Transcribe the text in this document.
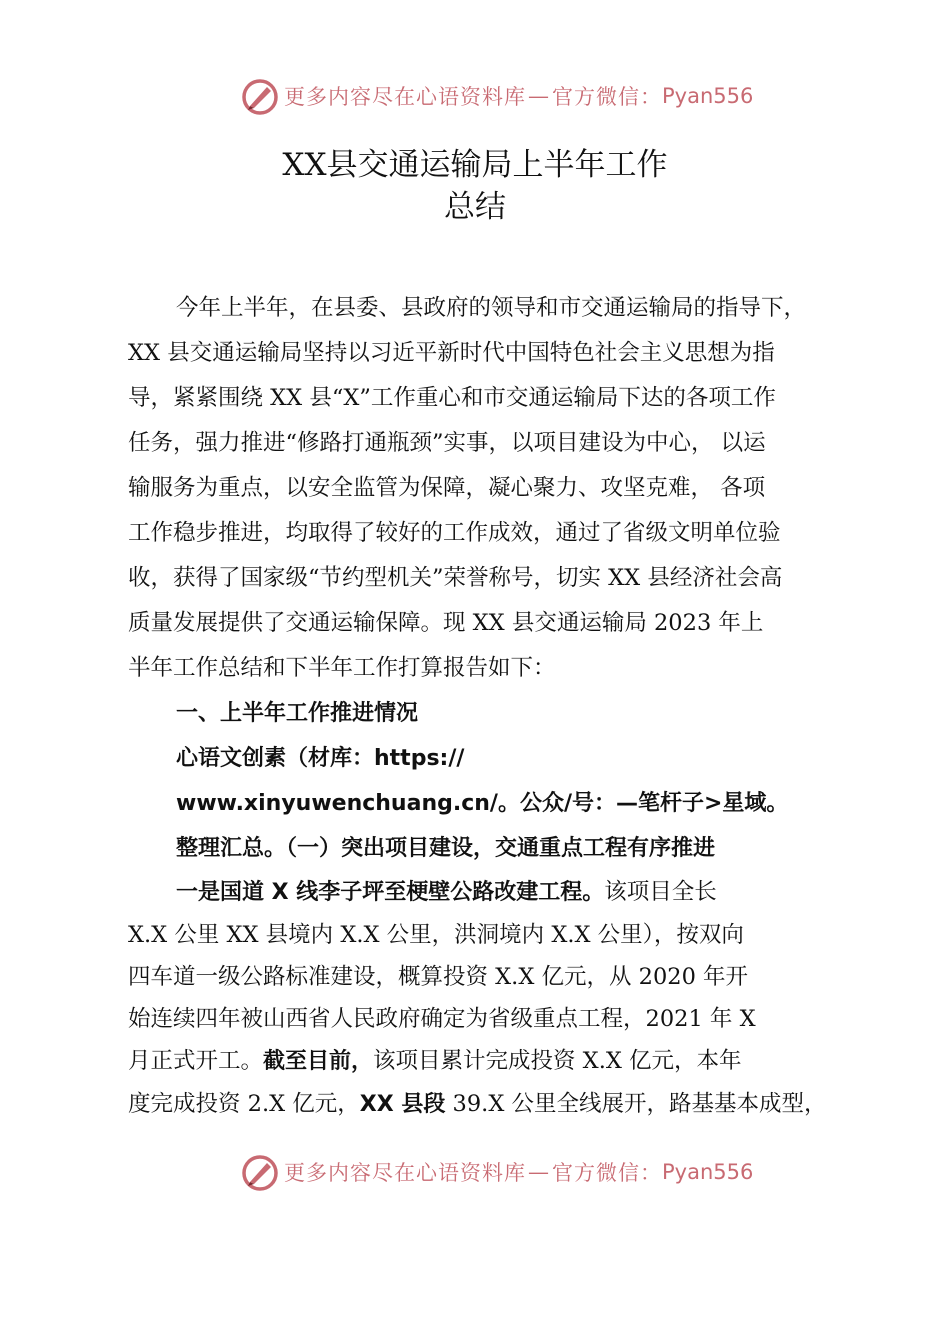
更多内容尽在心语资料库 — 官方微信： Pyan556
XX县交通运输局上半年工作
总结
今年上半年，在县委、县政府的领导和市交通运输局的指导下，
XX 县交通运输局坚持以习近平新时代中国特色社会主义思想为指
导，紧紧围绕 XX 县“X”工作重心和市交通运输局下达的各项工作
任务，强力推进“修路打通瓶颈”实事，以项目建设为中心， 以运
输服务为重点，以安全监管为保障，凝心聚力、攻坚克难， 各项
工作稳步推进，均取得了较好的工作成效，通过了省级文明单位验
收，获得了国家级“节约型机关”荣誉称号，切实 XX 县经济社会高
质量发展提供了交通运输保障。现 XX 县交通运输局 2023 年上
半年工作总结和下半年工作打算报告如下：
一、上半年工作推进情况
心语文创素（材库：https://
www.xinyuwenchuang.cn/。公众/号：—笔杆子>星域。
整理汇总。（一）突出项目建设，交通重点工程有序推进
一是国道 X 线李子坪至梗壁公路改建工程。该项目全长
X.X 公里 XX 县境内 X.X 公里，洪洞境内 X.X 公里），按双向
四车道一级公路标准建设，概算投资 X.X 亿元，从 2020 年开
始连续四年被山西省人民政府确定为省级重点工程，2021 年 X
月正式开工。截至目前，该项目累计完成投资 X.X 亿元，本年
度完成投资 2.X 亿元，XX 县段 39.X 公里全线展开，路基基本成型，
更多内容尽在心语资料库 — 官方微信： Pyan556
